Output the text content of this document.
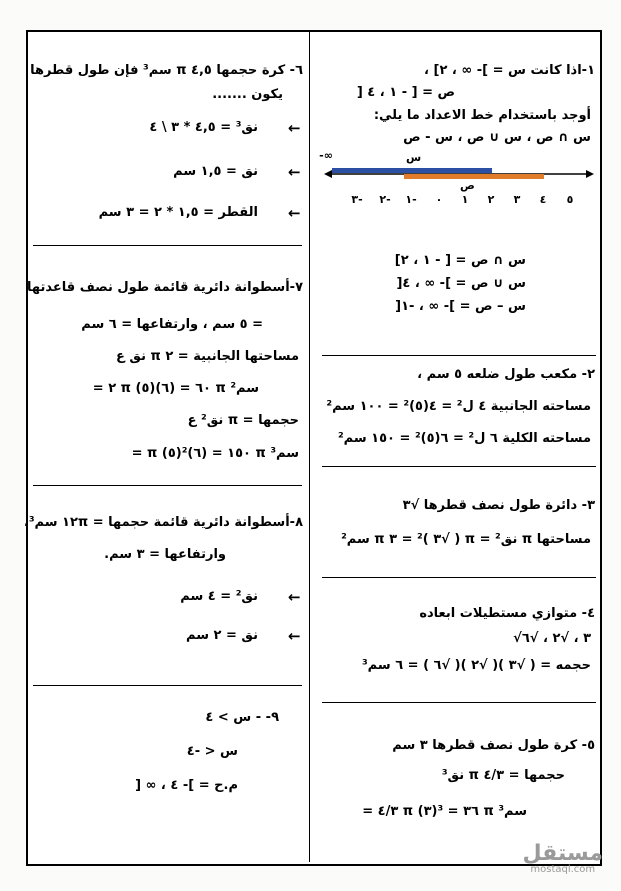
١-اذا كانت س = ]- ∞ ، ٢] ،
ص = [ - ١ ، ٤ [
أوجد باستخدام خط الاعداد ما يلي:
س ∩ ص ، س ∪ ص ، س - ص
-∞	س
ص
٥
٤
٣
٢
١
٠
١-
٢-
٣-
س ∩ ص = [ - ١ ، ٢]
س ∪ ص = ]- ∞ ، ٤[
س – ص = ]- ∞ ، -١[
٢- مكعب طول ضلعه ٥ سم ،
مساحته الجانبية ٤ ل² = ٤(٥)² = ١٠٠ سم²
مساحته الكلية ٦ ل² = ٦(٥)² = ١٥٠ سم²
٣- دائرة طول نصف قطرها √٣
مساحتها π نق² = π ( √٣ )² = ٣ π سم²
٤- متوازي مستطيلات ابعاده
√٣ ، √٢ ، √٦
حجمه = ( √٣ )( √٢ )( √٦ ) = ٦ سم³
٥- كرة طول نصف قطرها ٣ سم
حجمها = ٤/٣ π نق³
= ٤/٣ π (٣)³ = ٣٦ π سم³
٦- كرة حجمها ٤,٥ π سم³ فإن طول قطرها
يكون .......
نق³ = ٤,٥ * ٣ \ ٤ ←
نق = ١,٥ سم ←
القطر = ١,٥ * ٢ = ٣ سم ←
٧-أسطوانة دائرية قائمة طول نصف قاعدتها
= ٥ سم ، وارتفاعها = ٦ سم
مساحتها الجانبية = ٢ π نق ع
= ٢ π (٥)(٦) = ٦٠ π سم²
حجمها = π نق² ع
= π (٥)²(٦) = ١٥٠ π سم³
٨-أسطوانة دائرية قائمة حجمها = ١٢π سم³،
وارتفاعها = ٣ سم.
نق² = ٤ سم ←
نق = ٢ سم ←
٩- - س > ٤
س < -٤
م.ح = ]- ٤ ، ∞ [
مستقل
mostaql.com
